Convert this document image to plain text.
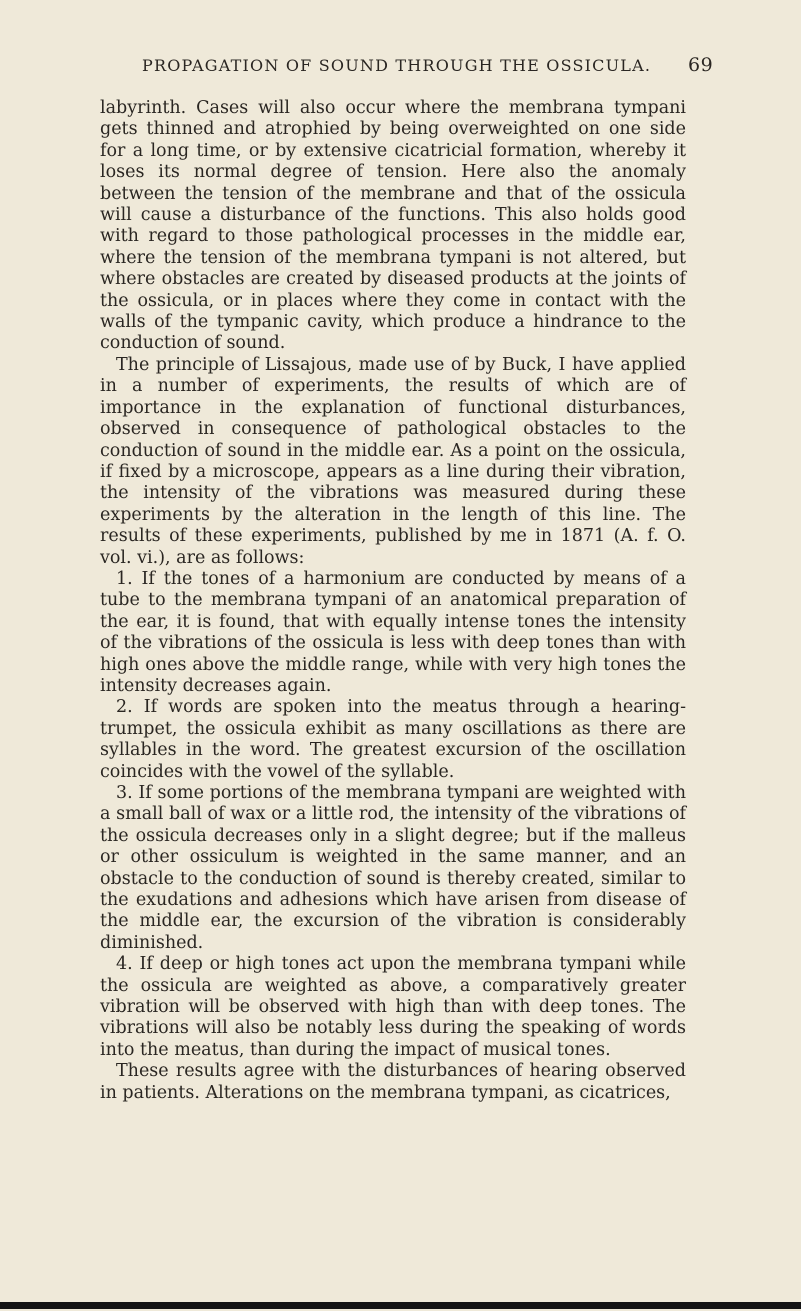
PROPAGATION OF SOUND THROUGH THE OSSICULA.	69

labyrinth. Cases will also occur where the membrana tympani gets thinned and atrophied by being overweighted on one side for a long time, or by extensive cicatricial formation, whereby it loses its normal degree of tension. Here also the anomaly between the tension of the membrane and that of the ossicula will cause a disturbance of the functions. This also holds good with regard to those pathological processes in the middle ear, where the tension of the membrana tympani is not altered, but where obstacles are created by diseased products at the joints of the ossicula, or in places where they come in contact with the walls of the tympanic cavity, which produce a hindrance to the conduction of sound.

The principle of Lissajous, made use of by Buck, I have applied in a number of experiments, the results of which are of importance in the explanation of functional disturbances, observed in consequence of pathological obstacles to the conduction of sound in the middle ear. As a point on the ossicula, if fixed by a microscope, appears as a line during their vibration, the intensity of the vibrations was measured during these experiments by the alteration in the length of this line. The results of these experiments, published by me in 1871 (A. f. O. vol. vi.), are as follows:

1. If the tones of a harmonium are conducted by means of a tube to the membrana tympani of an anatomical preparation of the ear, it is found, that with equally intense tones the intensity of the vibrations of the ossicula is less with deep tones than with high ones above the middle range, while with very high tones the intensity decreases again.

2. If words are spoken into the meatus through a hearing-trumpet, the ossicula exhibit as many oscillations as there are syllables in the word. The greatest excursion of the oscillation coincides with the vowel of the syllable.

3. If some portions of the membrana tympani are weighted with a small ball of wax or a little rod, the intensity of the vibrations of the ossicula decreases only in a slight degree; but if the malleus or other ossiculum is weighted in the same manner, and an obstacle to the conduction of sound is thereby created, similar to the exudations and adhesions which have arisen from disease of the middle ear, the excursion of the vibration is considerably diminished.

4. If deep or high tones act upon the membrana tympani while the ossicula are weighted as above, a comparatively greater vibration will be observed with high than with deep tones. The vibrations will also be notably less during the speaking of words into the meatus, than during the impact of musical tones.

These results agree with the disturbances of hearing observed in patients. Alterations on the membrana tympani, as cicatrices,
